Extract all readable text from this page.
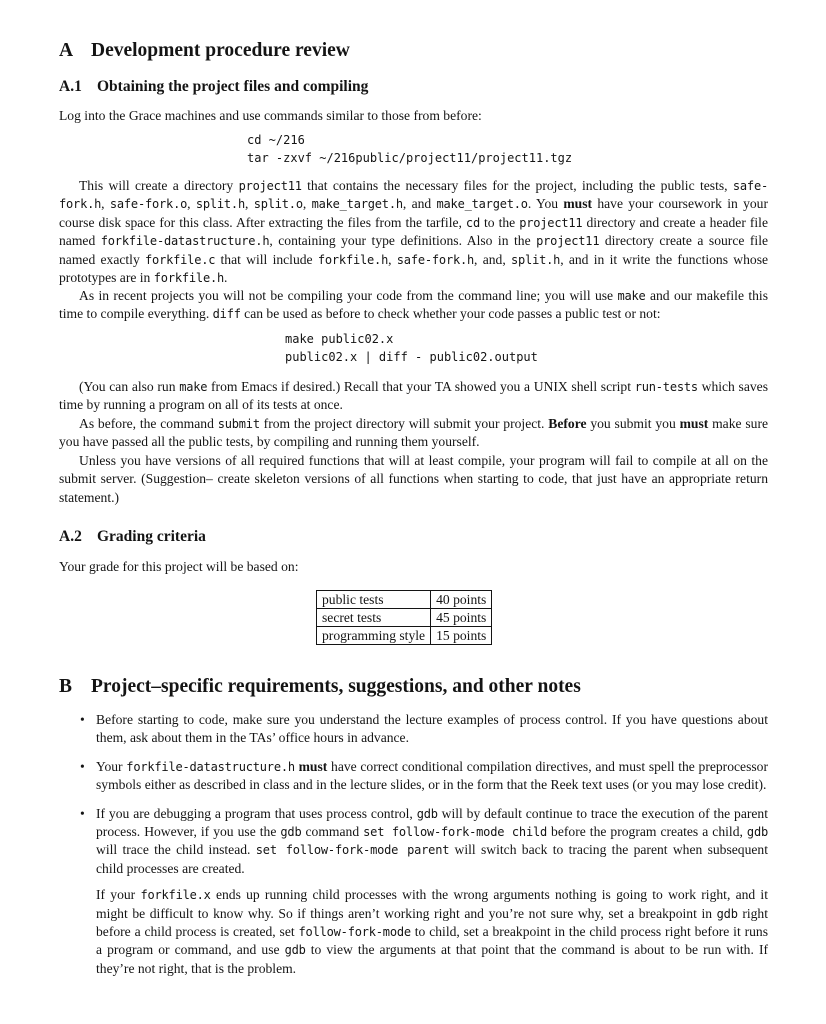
A Development procedure review
A.1 Obtaining the project files and compiling

Log into the Grace machines and use commands similar to those from before:

cd ~/216
tar -zxvf ~/216public/project11/project11.tgz

This will create a directory project11 that contains the necessary files for the project, including the public tests, safe-fork.h, safe-fork.o, split.h, split.o, make_target.h, and make_target.o. You must have your coursework in your course disk space for this class. After extracting the files from the tarfile, cd to the project11 directory and create a header file named forkfile-datastructure.h, containing your type definitions. Also in the project11 directory create a source file named exactly forkfile.c that will include forkfile.h, safe-fork.h, and, split.h, and in it write the functions whose prototypes are in forkfile.h.

As in recent projects you will not be compiling your code from the command line; you will use make and our makefile this time to compile everything. diff can be used as before to check whether your code passes a public test or not:

make public02.x
public02.x | diff - public02.output

(You can also run make from Emacs if desired.) Recall that your TA showed you a UNIX shell script run-tests which saves time by running a program on all of its tests at once.

As before, the command submit from the project directory will submit your project. Before you submit you must make sure you have passed all the public tests, by compiling and running them yourself.

Unless you have versions of all required functions that will at least compile, your program will fail to compile at all on the submit server. (Suggestion– create skeleton versions of all functions when starting to code, that just have an appropriate return statement.)

A.2 Grading criteria

Your grade for this project will be based on:

public tests	40 points
secret tests	45 points
programming style	15 points
B Project–specific requirements, suggestions, and other notes
• Before starting to code, make sure you understand the lecture examples of process control. If you have questions about them, ask about them in the TAs’ office hours in advance.

• Your forkfile-datastructure.h must have correct conditional compilation directives, and must spell the preprocessor symbols either as described in class and in the lecture slides, or in the form that the Reek text uses (or you may lose credit).

• If you are debugging a program that uses process control, gdb will by default continue to trace the execution of the parent process. However, if you use the gdb command set follow-fork-mode child before the program creates a child, gdb will trace the child instead. set follow-fork-mode parent will switch back to tracing the parent when subsequent child processes are created.

If your forkfile.x ends up running child processes with the wrong arguments nothing is going to work right, and it might be difficult to know why. So if things aren’t working right and you’re not sure why, set a breakpoint in gdb right before a child process is created, set follow-fork-mode to child, set a breakpoint in the child process right before it runs a program or command, and use gdb to view the arguments at that point that the command is about to be run with. If they’re not right, that is the problem.
